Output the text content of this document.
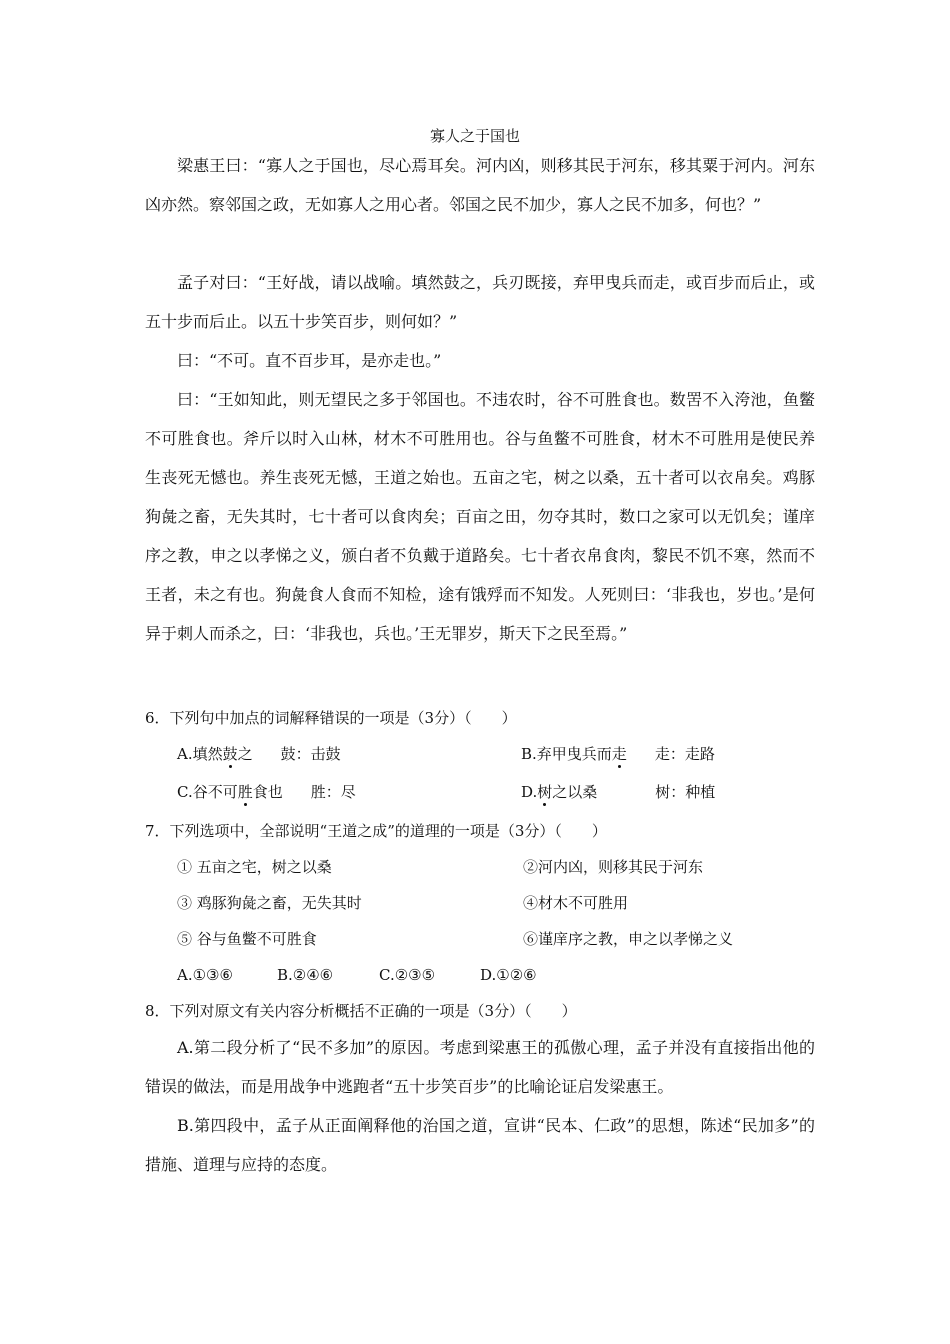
寡人之于国也

梁惠王曰：“寡人之于国也，尽心焉耳矣。河内凶，则移其民于河东，移其粟于河内。河东凶亦然。察邻国之政，无如寡人之用心者。邻国之民不加少，寡人之民不加多，何也？”

孟子对曰：“王好战，请以战喻。填然鼓之，兵刃既接，弃甲曳兵而走，或百步而后止，或五十步而后止。以五十步笑百步，则何如？”

曰：“不可。直不百步耳，是亦走也。”

曰：“王如知此，则无望民之多于邻国也。不违农时，谷不可胜食也。数罟不入洿池，鱼鳖不可胜食也。斧斤以时入山林，材木不可胜用也。谷与鱼鳖不可胜食，材木不可胜用是使民养生丧死无憾也。养生丧死无憾，王道之始也。五亩之宅，树之以桑，五十者可以衣帛矣。鸡豚狗彘之畜，无失其时，七十者可以食肉矣；百亩之田，勿夺其时，数口之家可以无饥矣；谨庠序之教，申之以孝悌之义，颁白者不负戴于道路矣。七十者衣帛食肉，黎民不饥不寒，然而不王者，未之有也。狗彘食人食而不知检，途有饿殍而不知发。人死则曰：‘非我也，岁也。’是何异于刺人而杀之，曰：‘非我也，兵也。’王无罪岁，斯天下之民至焉。”

6．下列句中加点的词解释错误的一项是（3分）（　　）
A.填然鼓之 鼓：击鼓	B.弃甲曳兵而走 走：走路
C.谷不可胜食也 胜：尽	D.树之以桑	树：种植
7．下列选项中，全部说明“王道之成”的道理的一项是（3分）（　　）
① 五亩之宅，树之以桑	②河内凶，则移其民于河东
③ 鸡豚狗彘之畜，无失其时	④材木不可胜用
⑤ 谷与鱼鳖不可胜食	⑥谨庠序之教，申之以孝悌之义
A.①③⑥	B.②④⑥	C.②③⑤	D.①②⑥
8．下列对原文有关内容分析概括不正确的一项是（3分）（　　）

A.第二段分析了“民不多加”的原因。考虑到梁惠王的孤傲心理，孟子并没有直接指出他的错误的做法，而是用战争中逃跑者“五十步笑百步”的比喻论证启发梁惠王。

B.第四段中，孟子从正面阐释他的治国之道，宣讲“民本、仁政”的思想，陈述“民加多”的措施、道理与应持的态度。
